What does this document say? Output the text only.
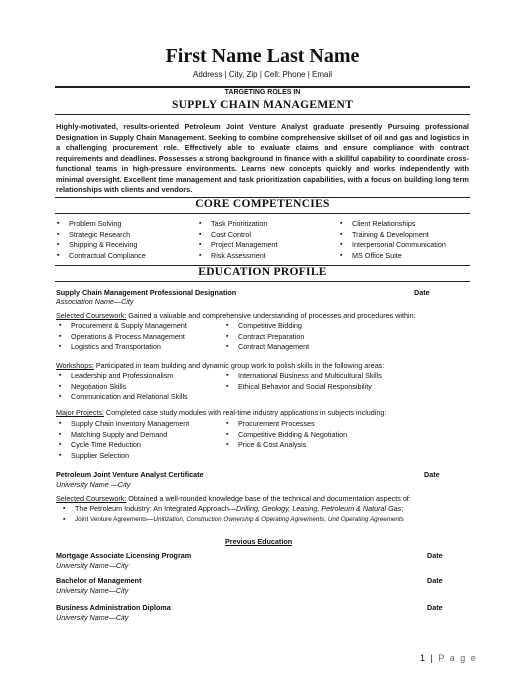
First Name Last Name
Address | City, Zip | Cell: Phone | Email
TARGETING ROLES IN
SUPPLY CHAIN MANAGEMENT
Highly-motivated, results-oriented Petroleum Joint Venture Analyst graduate presently Pursuing professional Designation in Supply Chain Management. Seeking to combine comprehensive skillset of oil and gas and logistics in a challenging procurement role. Effectively able to evaluate claims and ensure compliance with contract requirements and deadlines. Possesses a strong background in finance with a skillful capability to coordinate cross-functional teams in high-pressure environments. Learns new concepts quickly and works independently with minimal oversight. Excellent time management and task prioritization capabilities, with a focus on building long term relationships with clients and vendors.
CORE COMPETENCIES
▪ Problem Solving
▪ Strategic Research
▪ Shipping & Receiving
▪ Contractual Compliance
▪ Task Prioritization
▪ Cost Control
▪ Project Management
▪ Risk Assessment
▪ Client Relationships
▪ Training & Development
▪ Interpersonal Communication
▪ MS Office Suite
EDUCATION PROFILE
Supply Chain Management Professional Designation	Date
Association Name—City
Selected Coursework: Gained a valuable and comprehensive understanding of processes and procedures within:
▪ Procurement & Supply Management
▪ Operations & Process Management
▪ Logistics and Transportation
▪ Competitive Bidding
▪ Contract Preparation
▪ Contract Management
Workshops: Participated in team building and dynamic group work to polish skills in the following areas:
▪ Leadership and Professionalism
▪ Negotiation Skills
▪ Communication and Relational Skills
▪ International Business and Multicultural Skills
▪ Ethical Behavior and Social Responsibility
Major Projects: Completed case study modules with real-time industry applications in subjects including:
▪ Supply Chain Inventory Management
▪ Matching Supply and Demand
▪ Cycle Time Reduction
▪ Supplier Selection
▪ Procurement Processes
▪ Competitive Bidding & Negotiation
▪ Price & Cost Analysis
Petroleum Joint Venture Analyst Certificate	Date
University Name —City
Selected Coursework: Obtained a well-rounded knowledge base of the technical and documentation aspects of:
▪ The Petroleum Industry: An Integrated Approach—Drilling, Geology, Leasing, Petroleum & Natural Gas;
▪ Joint Venture Agreements—Unitization, Construction Ownership & Operating Agreements, Unit Operating Agreements
Previous Education
Mortgage Associate Licensing Program	Date
University Name—City
Bachelor of Management	Date
University Name—City
Business Administration Diploma	Date
University Name—City
1 | P a g e
